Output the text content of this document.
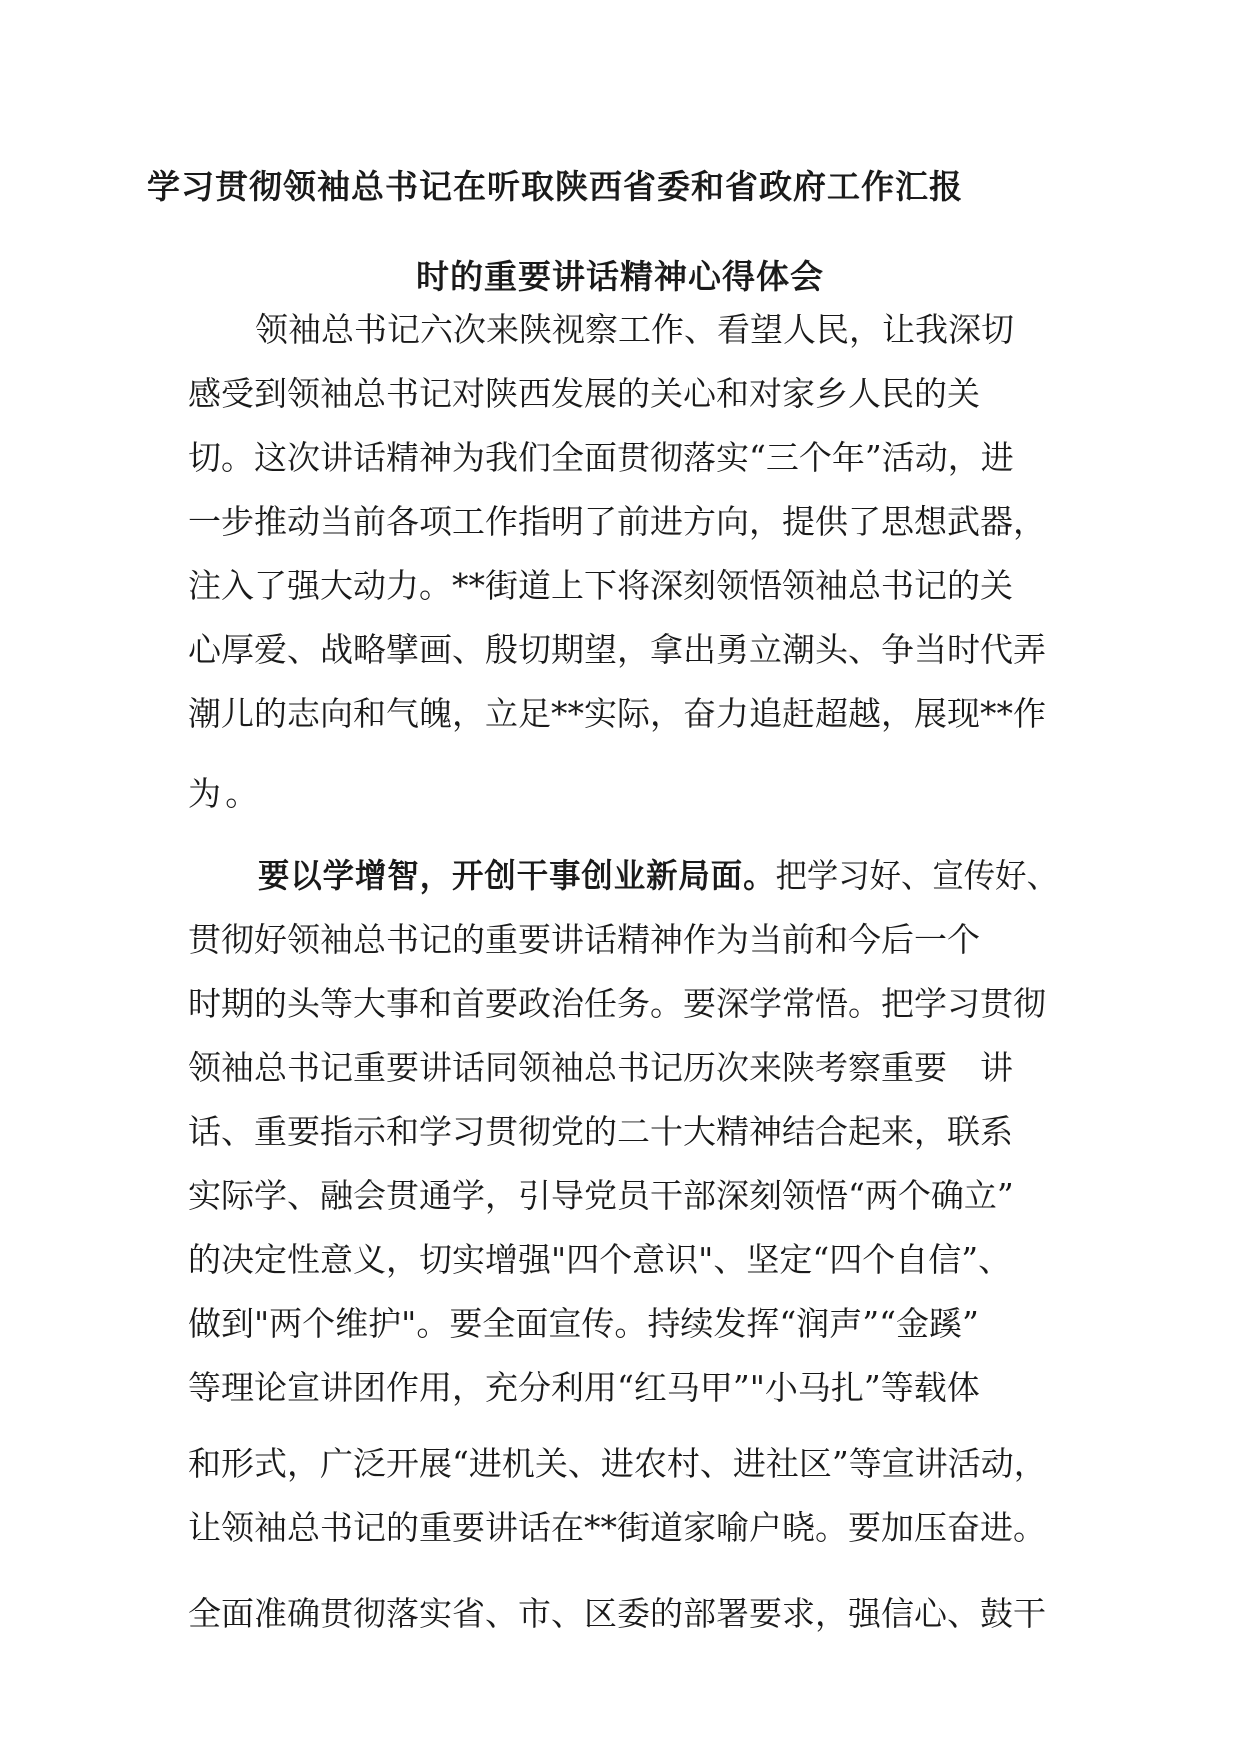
学习贯彻领袖总书记在听取陕西省委和省政府工作汇报
时的重要讲话精神心得体会
　领袖总书记六次来陕视察工作、看望人民，让我深切
感受到领袖总书记对陕西发展的关心和对家乡人民的关
切。这次讲话精神为我们全面贯彻落实“三个年”活动，进
一步推动当前各项工作指明了前进方向，提供了思想武器，
注入了强大动力。**街道上下将深刻领悟领袖总书记的关
心厚爱、战略擘画、殷切期望，拿出勇立潮头、争当时代弄
潮儿的志向和气魄，立足**实际，奋力追赶超越，展现**作
为。
要以学增智，开创干事创业新局面。把学习好、宣传好、
贯彻好领袖总书记的重要讲话精神作为当前和今后一个
时期的头等大事和首要政治任务。要深学常悟。把学习贯彻
领袖总书记重要讲话同领袖总书记历次来陕考察重要　讲
话、重要指示和学习贯彻党的二十大精神结合起来，联系
实际学、融会贯通学，引导党员干部深刻领悟“两个确立”
的决定性意义，切实增强"四个意识"、坚定“四个自信”、
做到"两个维护"。要全面宣传。持续发挥“润声”“金蹊”
等理论宣讲团作用，充分利用“红马甲”"小马扎”等载体
和形式，广泛开展“进机关、进农村、进社区”等宣讲活动，
让领袖总书记的重要讲话在**街道家喻户晓。要加压奋进。
全面准确贯彻落实省、市、区委的部署要求，强信心、鼓干
